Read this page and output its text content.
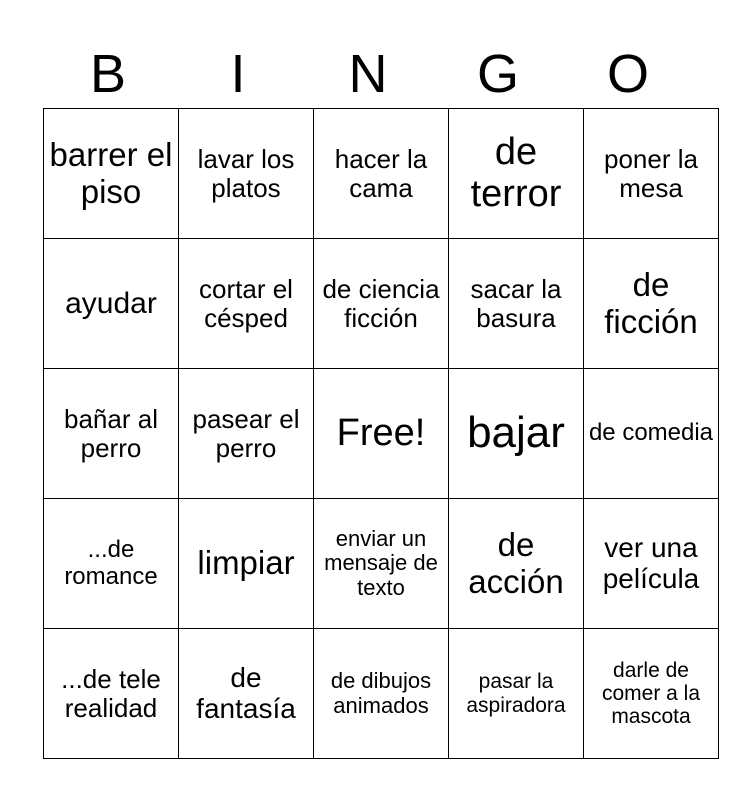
B	I	N	G	O
barrer el piso	lavar los platos	hacer la cama	de terror	poner la mesa
ayudar	cortar el césped	de ciencia ficción	sacar la basura	de ficción
bañar al perro	pasear el perro	Free!	bajar	de comedia
...de romance	limpiar	enviar un mensaje de texto	de acción	ver una película
...de tele realidad	de fantasía	de dibujos animados	pasar la aspiradora	darle de comer a la mascota
